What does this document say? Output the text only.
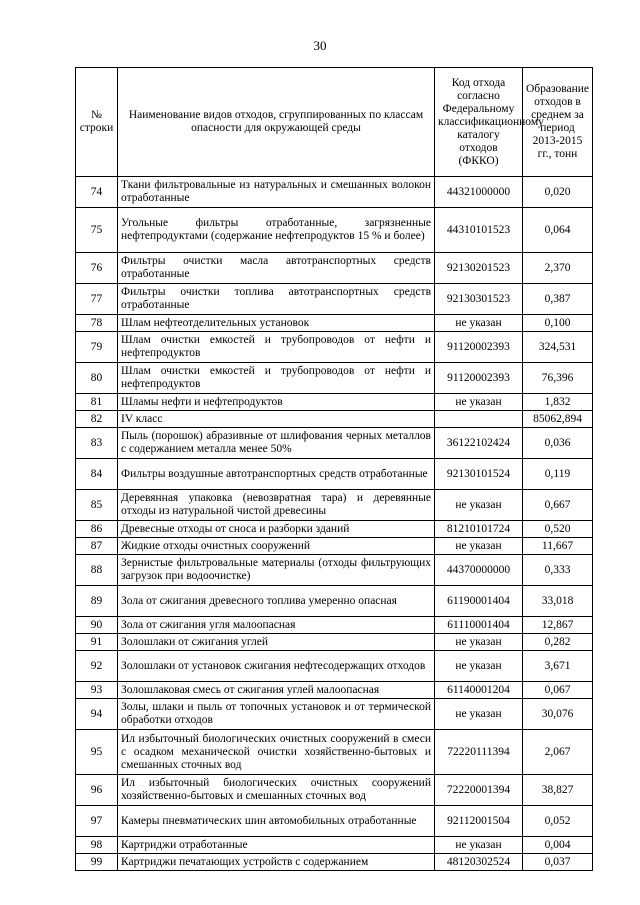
30
№ строки	Наименование видов отходов, сгруппированных по классам опасности для окружающей среды	Код отхода согласно Федеральному классификационному каталогу отходов (ФККО)	Образование отходов в среднем за период 2013-2015 гг., тонн
74	Ткани фильтровальные из натуральных и смешанных волокон отработанные	44321000000	0,020
75	Угольные фильтры отработанные, загрязненные нефтепродуктами (содержание нефтепродуктов 15 % и более)	44310101523	0,064
76	Фильтры очистки масла автотранспортных средств отработанные	92130201523	2,370
77	Фильтры очистки топлива автотранспортных средств отработанные	92130301523	0,387
78	Шлам нефтеотделительных установок	не указан	0,100
79	Шлам очистки емкостей и трубопроводов от нефти и нефтепродуктов	91120002393	324,531
80	Шлам очистки емкостей и трубопроводов от нефти и нефтепродуктов	91120002393	76,396
81	Шламы нефти и нефтепродуктов	не указан	1,832
82	IV класс		85062,894
83	Пыль (порошок) абразивные от шлифования черных металлов с содержанием металла менее 50%	36122102424	0,036
84	Фильтры воздушные автотранспортных средств отработанные	92130101524	0,119
85	Деревянная упаковка (невозвратная тара) и деревянные отходы из натуральной чистой древесины	не указан	0,667
86	Древесные отходы от сноса и разборки зданий	81210101724	0,520
87	Жидкие отходы очистных сооружений	не указан	11,667
88	Зернистые фильтровальные материалы (отходы фильтрующих загрузок при водоочистке)	44370000000	0,333
89	Зола от сжигания древесного топлива умеренно опасная	61190001404	33,018
90	Зола от сжигания угля малоопасная	61110001404	12,867
91	Золошлаки от сжигания углей	не указан	0,282
92	Золошлаки от установок сжигания нефтесодержащих отходов	не указан	3,671
93	Золошлаковая смесь от сжигания углей малоопасная	61140001204	0,067
94	Золы, шлаки и пыль от топочных установок и от термической обработки отходов	не указан	30,076
95	Ил избыточный биологических очистных сооружений в смеси с осадком механической очистки хозяйственно-бытовых и смешанных сточных вод	72220111394	2,067
96	Ил избыточный биологических очистных сооружений хозяйственно-бытовых и смешанных сточных вод	72220001394	38,827
97	Камеры пневматических шин автомобильных отработанные	92112001504	0,052
98	Картриджи отработанные	не указан	0,004
99	Картриджи печатающих устройств с содержанием	48120302524	0,037
